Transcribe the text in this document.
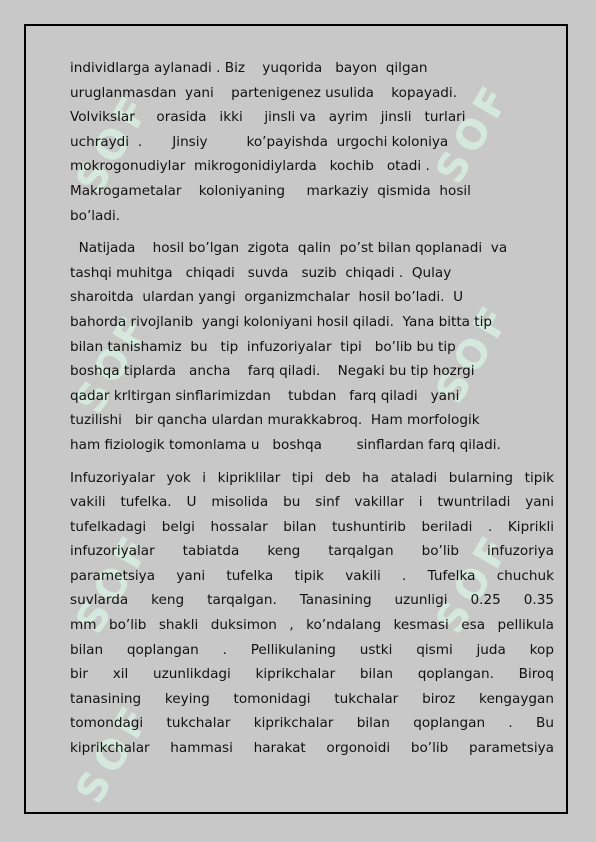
SOF	SOF
SOF	SOF
SOF	SOF
SOF
individlarga aylanadi . Biz    yuqorida   bayon  qilgan
uruglanmasdan  yani    partenigenez usulida    kopayadi.
Volvikslar     orasida   ikki     jinsli va   ayrim   jinsli   turlari
uchraydi  .       Jinsiy         ko’payishda  urgochi koloniya
mokrogonudiylar  mikrogonidiylarda   kochib   otadi .
Makrogametalar    koloniyaning     markaziy  qismida  hosil
bo’ladi.
Natijada    hosil bo’lgan  zigota  qalin  po’st bilan qoplanadi  va
tashqi muhitga   chiqadi   suvda   suzib  chiqadi .  Qulay
sharoitda  ulardan yangi  organizmchalar  hosil bo’ladi.  U
bahorda rivojlanib  yangi koloniyani hosil qiladi.  Yana bitta tip
bilan tanishamiz  bu   tip  infuzoriyalar  tipi   bo’lib bu tip
boshqa tiplarda   ancha    farq qiladi.    Negaki bu tip hozrgi
qadar krltirgan sinflarimizdan    tubdan   farq qiladi   yani
tuzilishi   bir qancha ulardan murakkabroq.  Ham morfologik
ham fiziologik tomonlama u   boshqa        sinflardan farq qiladi.
Infuzoriyalar yok i kipriklilar tipi deb ha ataladi bularning tipik
vakili tufelka. U misolida bu sinf vakillar i twuntriladi yani
tufelkadagi belgi hossalar bilan tushuntirib beriladi . Kiprikli
infuzoriyalar tabiatda keng tarqalgan bo’lib infuzoriya
parametsiya yani tufelka tipik vakili . Tufelka chuchuk
suvlarda keng tarqalgan. Tanasining uzunligi 0.25 0.35
mm bo’lib shakli duksimon , ko’ndalang kesmasi esa pellikula
bilan qoplangan . Pellikulaning ustki qismi juda kop
bir xil uzunlikdagi kiprikchalar bilan qoplangan. Biroq
tanasining keying tomonidagi tukchalar biroz kengaygan
tomondagi tukchalar kiprikchalar bilan qoplangan . Bu
kiprikchalar hammasi harakat orgonoidi bo’lib parametsiya
